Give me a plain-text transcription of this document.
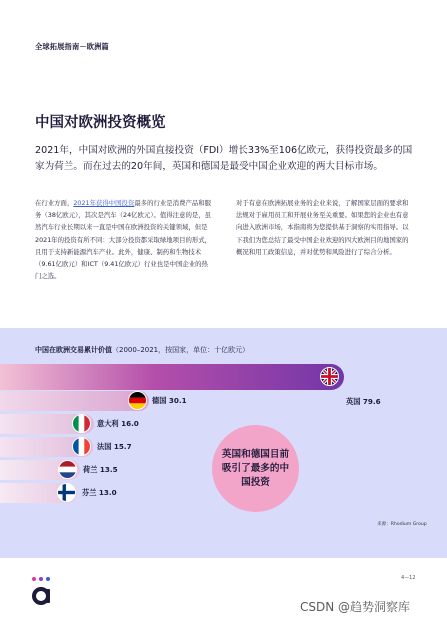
全球拓展指南－欧洲篇
中国对欧洲投资概览
2021年，中国对欧洲的外国直接投资（FDI）增长33%至106亿欧元，获得投资最多的国家为荷兰。而在过去的20年间，英国和德国是最受中国企业欢迎的两大目标市场。
在行业方面，2021年获得中国投资最多的行业是消费产品和服务（38亿欧元），其次是汽车（24亿欧元）。值得注意的是，虽然汽车行业长期以来一直是中国在欧洲投资的关键领域，但是2021年的投资有所不同：大部分投资都采取绿地项目的形式，且用于支持新能源汽车产业。此外，健康、制药和生物技术（9.61亿欧元）和ICT（9.41亿欧元）行业也是中国企业的热门之选。
对于有意在欧洲拓展业务的企业来说，了解国家层面的要求和法规对于雇用员工和开展业务至关重要。如果您的企业也有意向进入欧洲市场，本指南将为您提供基于洞察的实用指导。以下我们为您总结了最受中国企业欢迎的四大欧洲目的地国家的概况和用工政策信息，并对优势和风险进行了综合分析。
中国在欧洲交易累计价值（2000–2021，按国家，单位：十亿欧元）
英国 79.6
德国 30.1
意大利 16.0
法国 15.7
荷兰 13.5
芬兰 13.0
英国和德国目前吸引了最多的中国投资
来源：Rhodium Group
4—12
CSDN @趋势洞察库
